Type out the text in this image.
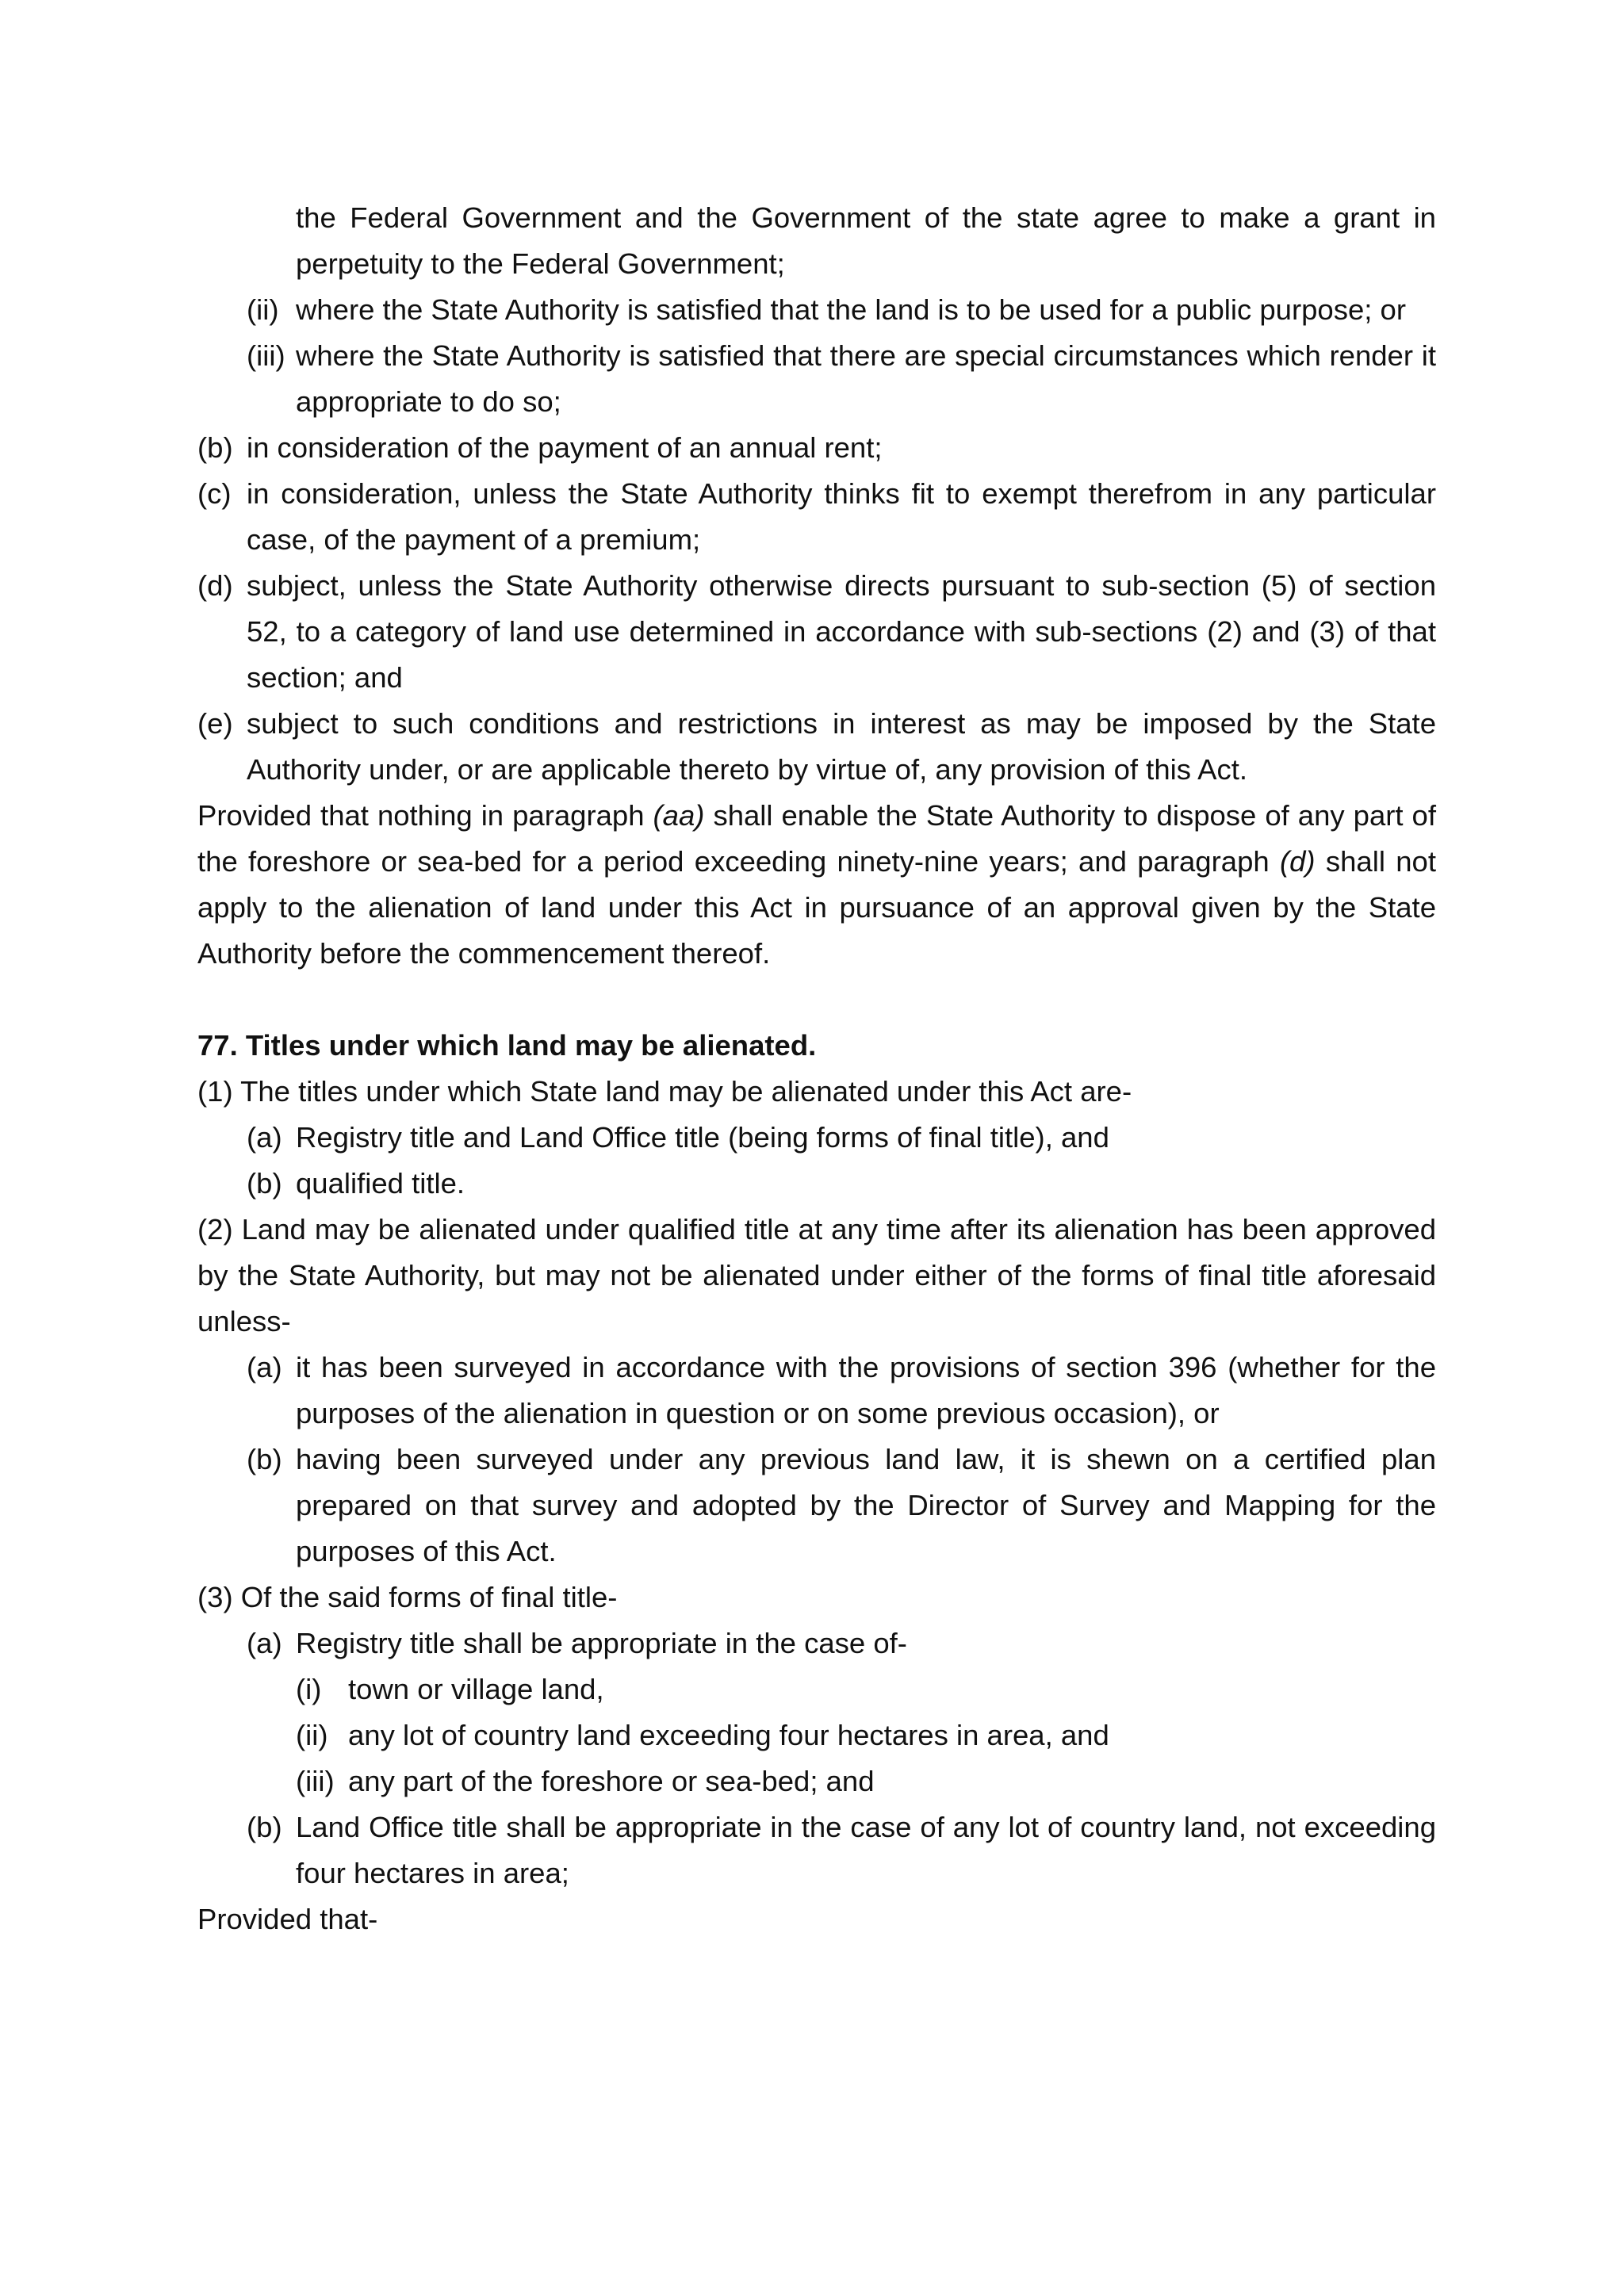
the Federal Government and the Government of the state agree to make a grant in perpetuity to the Federal Government;
(ii) where the State Authority is satisfied that the land is to be used for a public purpose; or
(iii) where the State Authority is satisfied that there are special circumstances which render it appropriate to do so;
(b) in consideration of the payment of an annual rent;
(c) in consideration, unless the State Authority thinks fit to exempt therefrom in any particular case, of the payment of a premium;
(d) subject, unless the State Authority otherwise directs pursuant to sub-section (5) of section 52, to a category of land use determined in accordance with sub-sections (2) and (3) of that section; and
(e) subject to such conditions and restrictions in interest as may be imposed by the State Authority under, or are applicable thereto by virtue of, any provision of this Act.
Provided that nothing in paragraph (aa) shall enable the State Authority to dispose of any part of the foreshore or sea-bed for a period exceeding ninety-nine years; and paragraph (d) shall not apply to the alienation of land under this Act in pursuance of an approval given by the State Authority before the commencement thereof.
77. Titles under which land may be alienated.
(1) The titles under which State land may be alienated under this Act are-
(a) Registry title and Land Office title (being forms of final title), and
(b) qualified title.
(2) Land may be alienated under qualified title at any time after its alienation has been approved by the State Authority, but may not be alienated under either of the forms of final title aforesaid unless-
(a) it has been surveyed in accordance with the provisions of section 396 (whether for the purposes of the alienation in question or on some previous occasion), or
(b) having been surveyed under any previous land law, it is shewn on a certified plan prepared on that survey and adopted by the Director of Survey and Mapping for the purposes of this Act.
(3) Of the said forms of final title-
(a) Registry title shall be appropriate in the case of-
(i) town or village land,
(ii) any lot of country land exceeding four hectares in area, and
(iii) any part of the foreshore or sea-bed; and
(b) Land Office title shall be appropriate in the case of any lot of country land, not exceeding four hectares in area;
Provided that-
